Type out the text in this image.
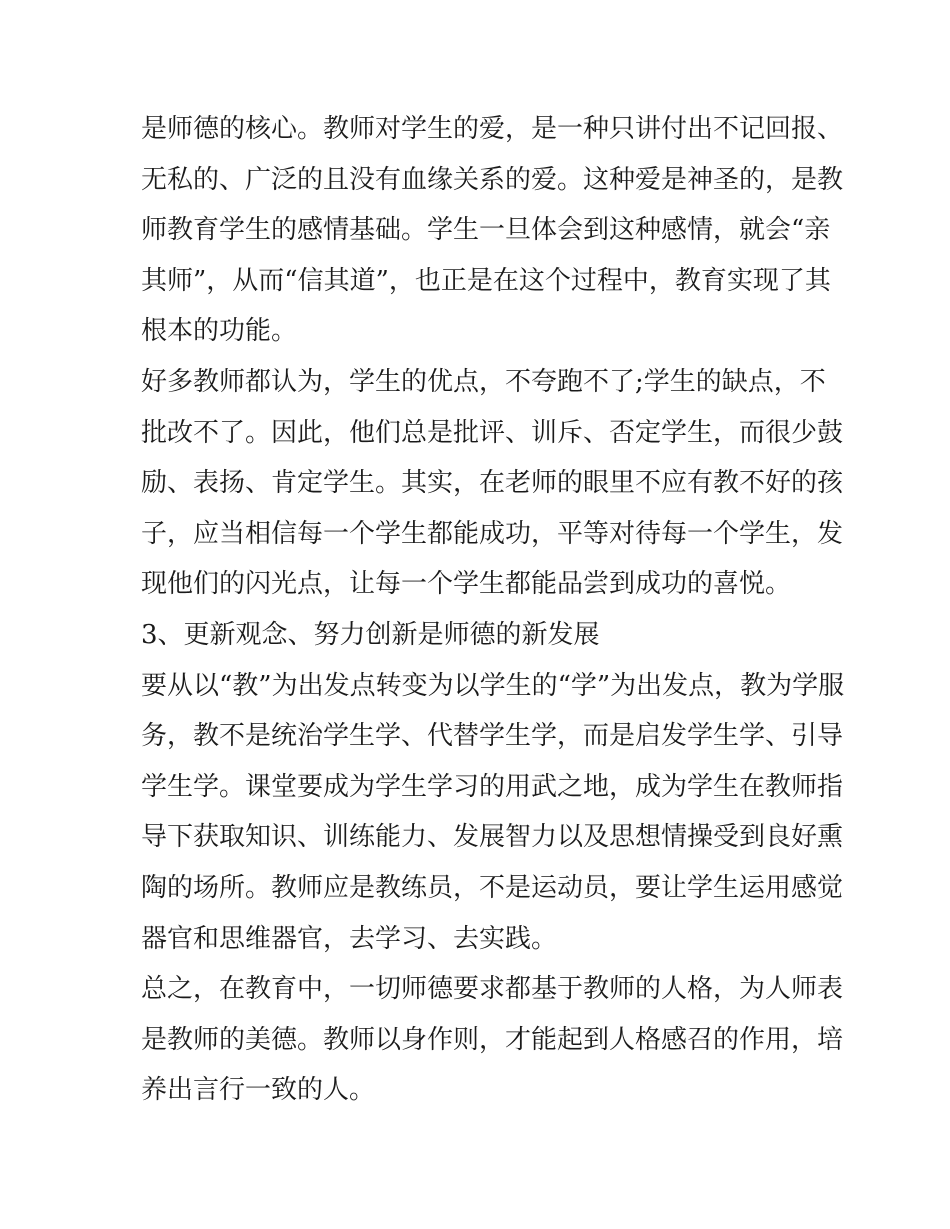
是师德的核心。教师对学生的爱，是一种只讲付出不记回报、
无私的、广泛的且没有血缘关系的爱。这种爱是神圣的，是教
师教育学生的感情基础。学生一旦体会到这种感情，就会“亲
其师”，从而“信其道”，也正是在这个过程中，教育实现了其
根本的功能。

好多教师都认为，学生的优点，不夸跑不了;学生的缺点，不
批改不了。因此，他们总是批评、训斥、否定学生，而很少鼓
励、表扬、肯定学生。其实，在老师的眼里不应有教不好的孩
子，应当相信每一个学生都能成功，平等对待每一个学生，发
现他们的闪光点，让每一个学生都能品尝到成功的喜悦。

3、更新观念、努力创新是师德的新发展

要从以“教”为出发点转变为以学生的“学”为出发点，教为学服
务，教不是统治学生学、代替学生学，而是启发学生学、引导
学生学。课堂要成为学生学习的用武之地，成为学生在教师指
导下获取知识、训练能力、发展智力以及思想情操受到良好熏
陶的场所。教师应是教练员，不是运动员，要让学生运用感觉
器官和思维器官，去学习、去实践。

总之，在教育中，一切师德要求都基于教师的人格，为人师表
是教师的美德。教师以身作则，才能起到人格感召的作用，培
养出言行一致的人。
